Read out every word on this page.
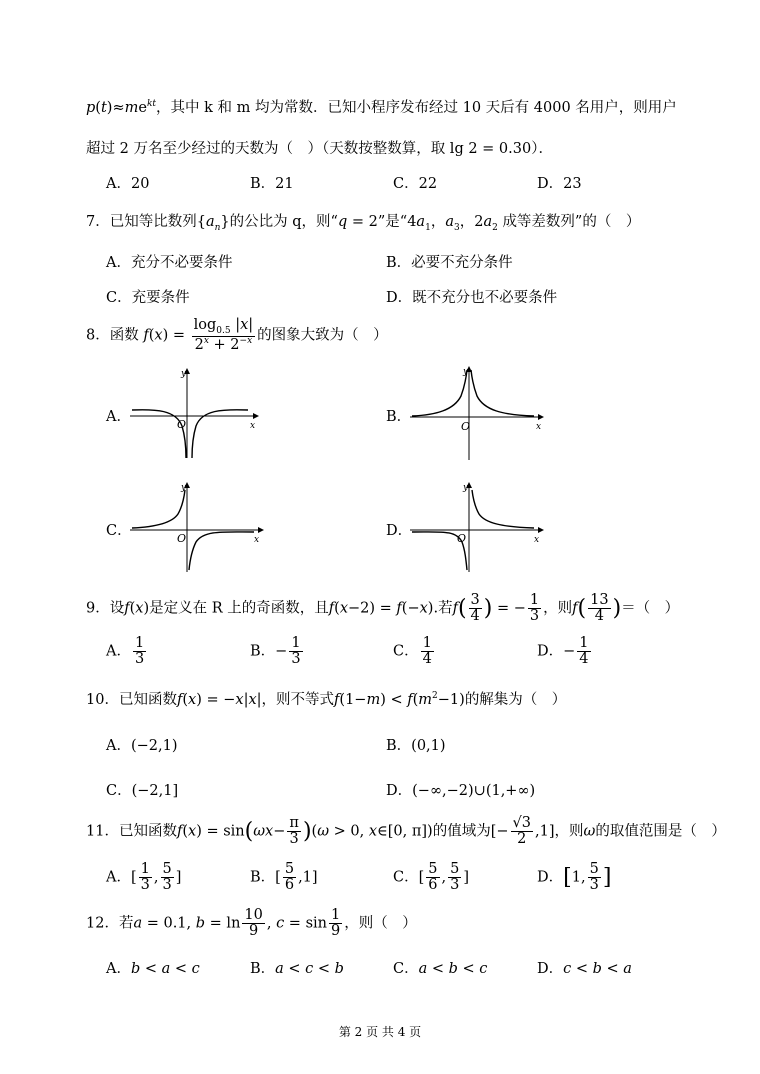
$p(t)\approx me^{kt}$，其中 k 和 m 均为常数．已知小程序发布经过 10 天后有 4000 名用户，则用户
超过 2 万名至少经过的天数为（　）（天数按整数算，取 lg 2 = 0.30）．
A．20	B．21	C．22	D．23
7．已知等比数列$\{a_n\}$的公比为 q，则“q = 2”是“$4a_1$，$a_3$，$2a_2$ 成等差数列”的（　）
A．充分不必要条件	B．必要不充分条件
C．充要条件	D．既不充分也不必要条件
8．函数 $f(x) = \frac{\log_{0.5} |x|}{2^x + 2^{-x}}$ 的图象大致为（　）
A．	B．
C．	D．
y
x
O
y
x
O
y
x
O
y
x
O
9．设f(x)是定义在 R 上的奇函数，且f(x−2) = f(−x).若$f( \frac{3}{4}$ ) = − $\frac{1}{3}$ ，则$f( \frac{13}{4}$ )＝（　）
A． $\frac{1}{3}$	B．− $\frac{1}{3}$	C． $\frac{1}{4}$	D．− $\frac{1}{4}$
10．已知函数f(x) = −x|x|，则不等式$f(1-m) < f(m^2-1)$的解集为（　）
A．(−2,1)	B．(0,1)
C．(−2,1]	D．(−∞,−2)∪(1,+∞)
11．已知函数$f(x) = \sin(\omega x- \frac{\pi}{3} )(\omega > 0$, x∈[0, π])的值域为[− $\frac{√3}{2} ,1$]，则ω的取值范围是（　）
A．[ $\frac{1}{3}$ , $\frac{5}{3}$ ]	B．[ $\frac{5}{6} ,1$]	C．[ $\frac{5}{6}$ , $\frac{5}{3}$ ]	D．[1, $\frac{5}{3}$ ]
12．若a = 0.1, $b = \ln \frac{10}{9}$ , $c = \sin \frac{1}{9}$ ，则（　）
A．b < a < c	B．a < c < b	C．a < b < c	D．c < b < a
第 2 页 共 4 页
